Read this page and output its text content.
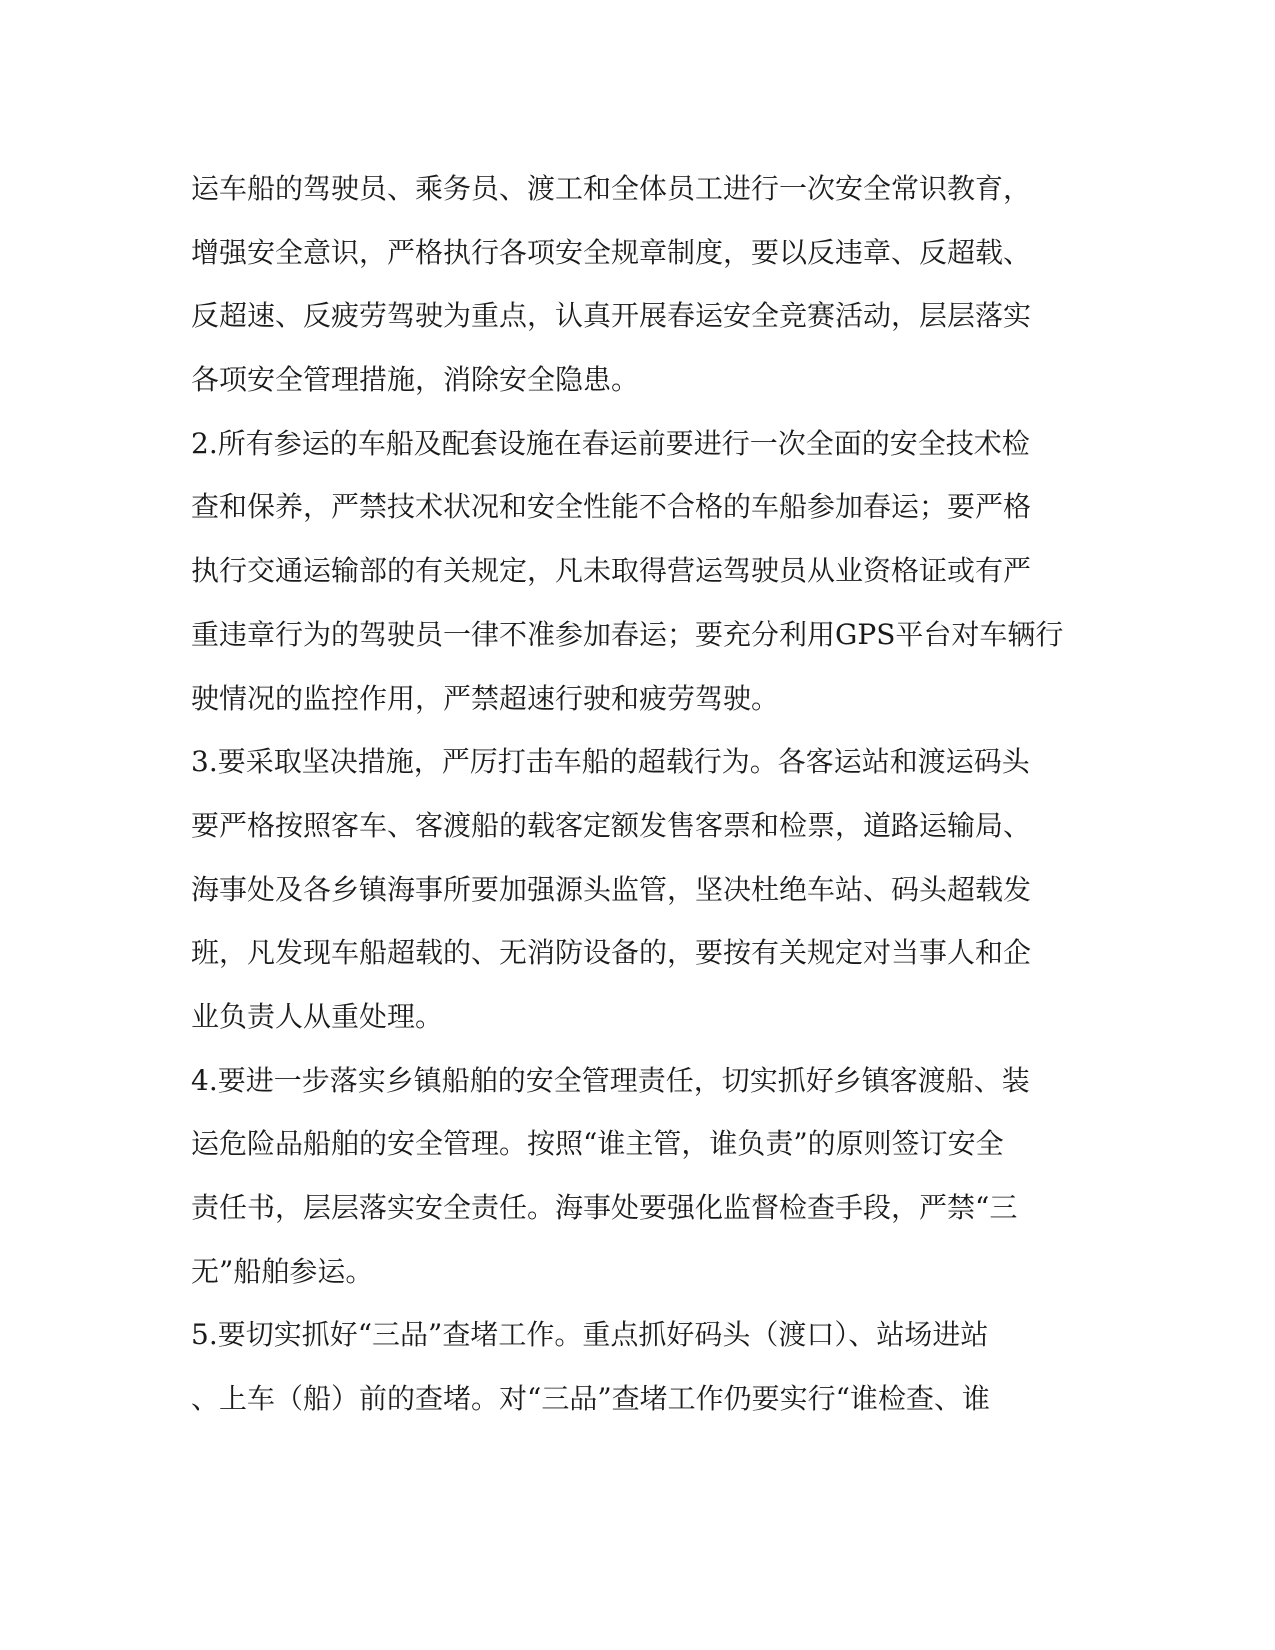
运车船的驾驶员、乘务员、渡工和全体员工进行一次安全常识教育，
增强安全意识，严格执行各项安全规章制度，要以反违章、反超载、
反超速、反疲劳驾驶为重点，认真开展春运安全竞赛活动，层层落实
各项安全管理措施，消除安全隐患。
2.所有参运的车船及配套设施在春运前要进行一次全面的安全技术检
查和保养，严禁技术状况和安全性能不合格的车船参加春运；要严格
执行交通运输部的有关规定，凡未取得营运驾驶员从业资格证或有严
重违章行为的驾驶员一律不准参加春运；要充分利用GPS平台对车辆行
驶情况的监控作用，严禁超速行驶和疲劳驾驶。
3.要采取坚决措施，严厉打击车船的超载行为。各客运站和渡运码头
要严格按照客车、客渡船的载客定额发售客票和检票，道路运输局、
海事处及各乡镇海事所要加强源头监管，坚决杜绝车站、码头超载发
班，凡发现车船超载的、无消防设备的，要按有关规定对当事人和企
业负责人从重处理。
4.要进一步落实乡镇船舶的安全管理责任，切实抓好乡镇客渡船、装
运危险品船舶的安全管理。按照“谁主管，谁负责”的原则签订安全
责任书，层层落实安全责任。海事处要强化监督检查手段，严禁“三
无”船舶参运。
5.要切实抓好“三品”查堵工作。重点抓好码头（渡口）、站场进站
、上车（船）前的查堵。对“三品”查堵工作仍要实行“谁检查、谁
